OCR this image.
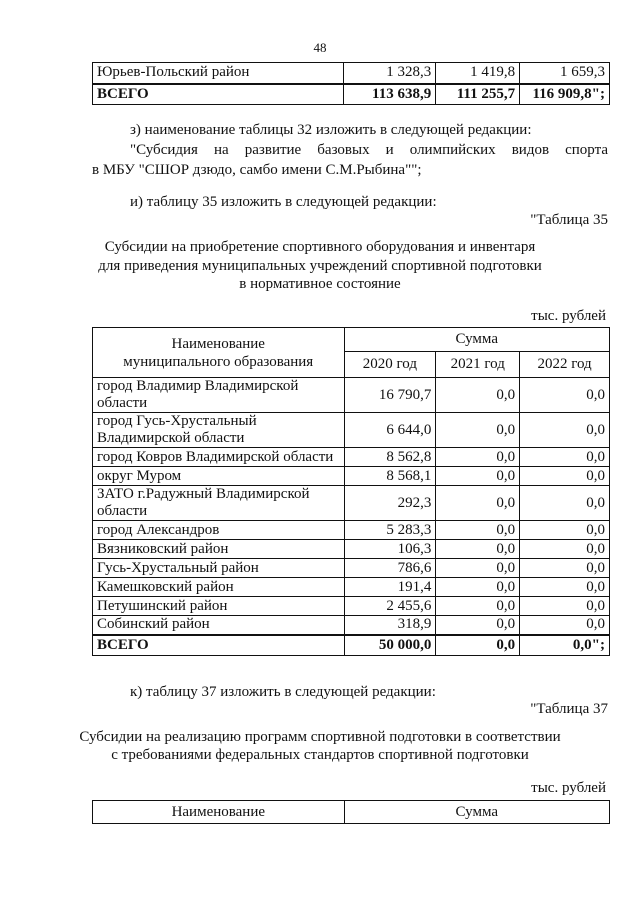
48
Юрьев-Польский район	1 328,3	1 419,8	1 659,3
ВСЕГО	113 638,9	111 255,7	116 909,8";
з) наименование таблицы 32 изложить в следующей редакции:
"Субсидия на развитие базовых и олимпийских видов спорта
в МБУ "СШОР дзюдо, самбо имени С.М.Рыбина"";
и) таблицу 35 изложить в следующей редакции:
"Таблица 35
Субсидии на приобретение спортивного оборудования и инвентаря
для приведения муниципальных учреждений спортивной подготовки
в нормативное состояние
тыс. рублей
Наименование
муниципального образования	Сумма		
	2020 год	2021 год	2022 год
город Владимир Владимирской области	16 790,7	0,0	0,0
город Гусь-Хрустальный Владимирской области	6 644,0	0,0	0,0
город Ковров Владимирской области	8 562,8	0,0	0,0
округ Муром	8 568,1	0,0	0,0
ЗАТО г.Радужный Владимирской области	292,3	0,0	0,0
город Александров	5 283,3	0,0	0,0
Вязниковский район	106,3	0,0	0,0
Гусь-Хрустальный район	786,6	0,0	0,0
Камешковский район	191,4	0,0	0,0
Петушинский район	2 455,6	0,0	0,0
Собинский район	318,9	0,0	0,0
ВСЕГО	50 000,0	0,0	0,0";
к) таблицу 37 изложить в следующей редакции:
"Таблица 37
Субсидии на реализацию программ спортивной подготовки в соответствии
с требованиями федеральных стандартов спортивной подготовки
тыс. рублей
Наименование	Сумма
